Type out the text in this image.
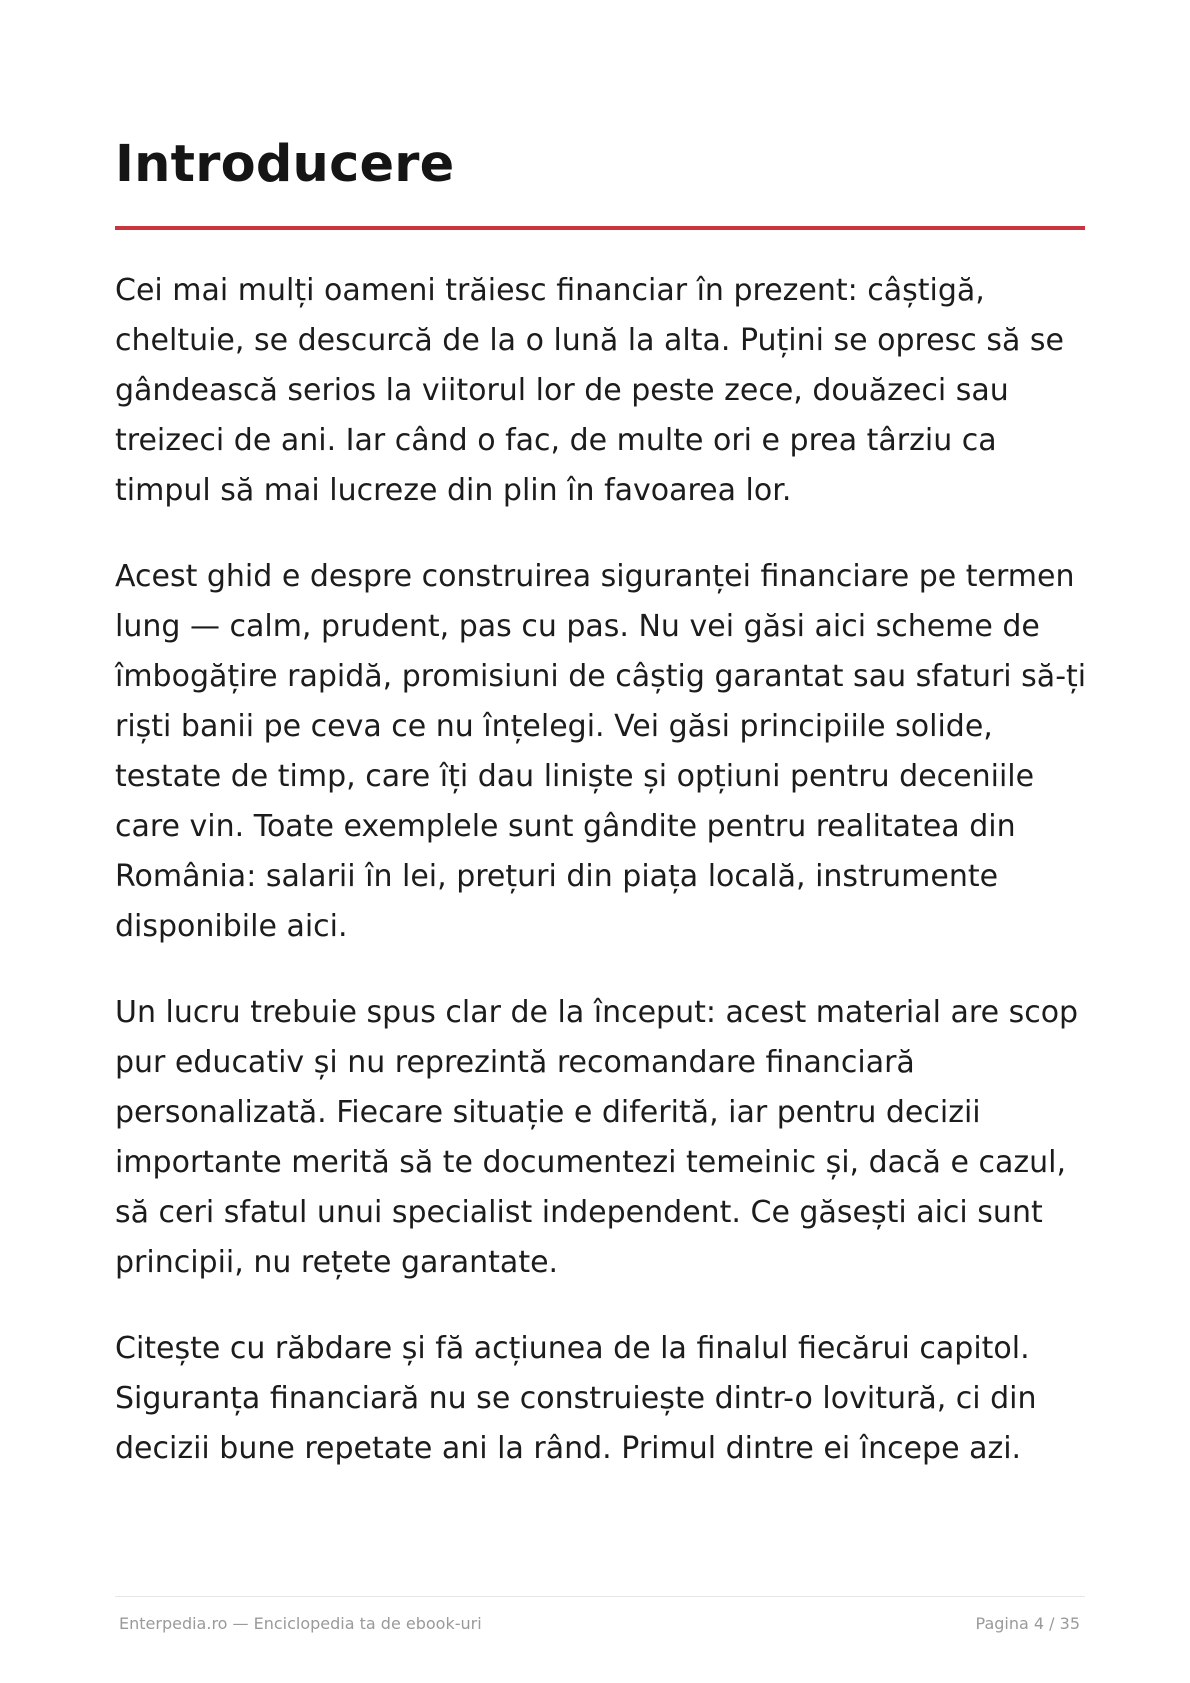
Introducere

Cei mai mulți oameni trăiesc financiar în prezent: câștigă, cheltuie, se descurcă de la o lună la alta. Puțini se opresc să se gândească serios la viitorul lor de peste zece, douăzeci sau treizeci de ani. Iar când o fac, de multe ori e prea târziu ca timpul să mai lucreze din plin în favoarea lor.

Acest ghid e despre construirea siguranței financiare pe termen lung — calm, prudent, pas cu pas. Nu vei găsi aici scheme de îmbogățire rapidă, promisiuni de câștig garantat sau sfaturi să-ți riști banii pe ceva ce nu înțelegi. Vei găsi principiile solide, testate de timp, care îți dau liniște și opțiuni pentru deceniile care vin. Toate exemplele sunt gândite pentru realitatea din România: salarii în lei, prețuri din piața locală, instrumente disponibile aici.

Un lucru trebuie spus clar de la început: acest material are scop pur educativ și nu reprezintă recomandare financiară personalizată. Fiecare situație e diferită, iar pentru decizii importante merită să te documentezi temeinic și, dacă e cazul, să ceri sfatul unui specialist independent. Ce găsești aici sunt principii, nu rețete garantate.

Citește cu răbdare și fă acțiunea de la finalul fiecărui capitol. Siguranța financiară nu se construiește dintr-o lovitură, ci din decizii bune repetate ani la rând. Primul dintre ei începe azi.

Enterpedia.ro — Enciclopedia ta de ebook-uri	Pagina 4 / 35
